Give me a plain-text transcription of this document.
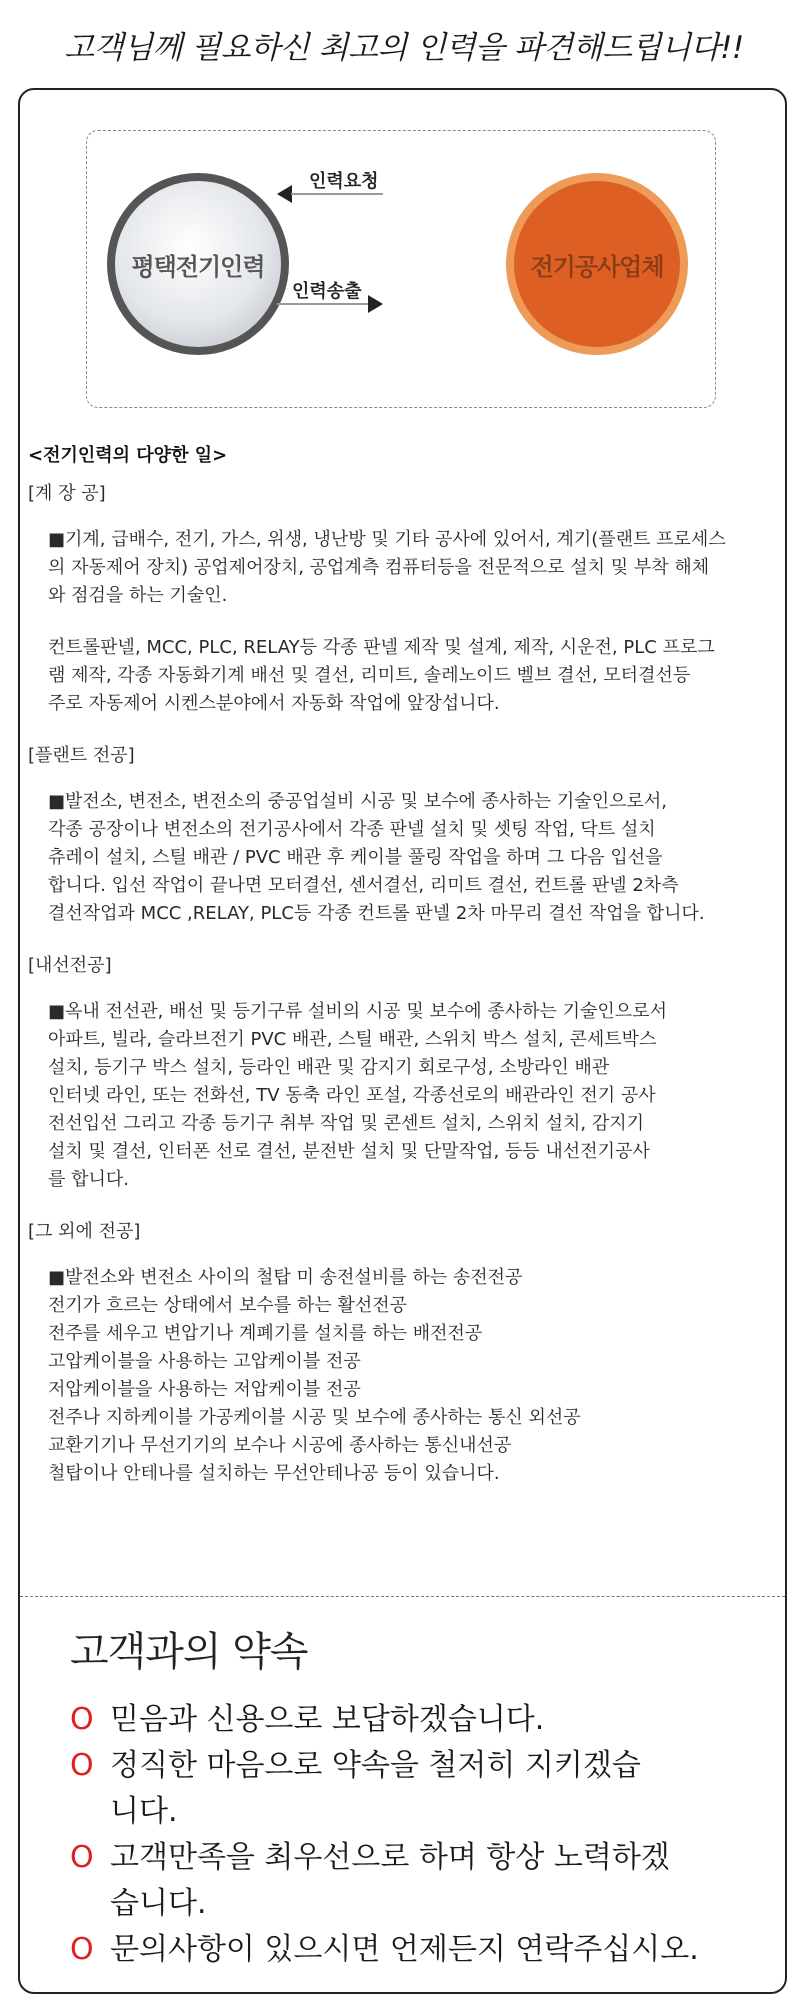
고객님께 필요하신 최고의 인력을 파견해드립니다!!
평택전기인력
인력요청
인력송출
전기공사업체
<전기인력의 다양한 일>
[계 장 공]
■기계, 급배수, 전기, 가스, 위생, 냉난방 및 기타 공사에 있어서, 계기(플랜트 프로세스
의 자동제어 장치) 공업제어장치, 공업계측 컴퓨터등을 전문적으로 설치 및 부착 해체
와 점검을 하는 기술인.
컨트롤판넬, MCC, PLC, RELAY등 각종 판넬 제작 및 설계, 제작, 시운전, PLC 프로그
램 제작, 각종 자동화기계 배선 및 결선, 리미트, 솔레노이드 벨브 결선, 모터결선등
주로 자동제어 시켄스분야에서 자동화 작업에 앞장섭니다.
[플랜트 전공]
■발전소, 변전소, 변전소의 중공업설비 시공 및 보수에 종사하는 기술인으로서,
각종 공장이나 변전소의 전기공사에서 각종 판넬 설치 및 셋팅 작업, 닥트 설치
츄레이 설치, 스틸 배관 / PVC 배관 후 케이블 풀링 작업을 하며 그 다음 입선을
합니다. 입선 작업이 끝나면 모터결선, 센서결선, 리미트 결선, 컨트롤 판넬 2차측
결선작업과 MCC ,RELAY, PLC등 각종 컨트롤 판넬 2차 마무리 결선 작업을 합니다.
[내선전공]
■옥내 전선관, 배선 및 등기구류 설비의 시공 및 보수에 종사하는 기술인으로서
아파트, 빌라, 슬라브전기 PVC 배관, 스틸 배관, 스위치 박스 설치, 콘세트박스
설치, 등기구 박스 설치, 등라인 배관 및 감지기 회로구성, 소방라인 배관
인터넷 라인, 또는 전화선, TV 동축 라인 포설, 각종선로의 배관라인 전기 공사
전선입선 그리고 각종 등기구 취부 작업 및 콘센트 설치, 스위치 설치, 감지기
설치 및 결선, 인터폰 선로 결선, 분전반 설치 및 단말작업, 등등 내선전기공사
를 합니다.
[그 외에 전공]
■발전소와 변전소 사이의 철탑 미 송전설비를 하는 송전전공
전기가 흐르는 상태에서 보수를 하는 활선전공
전주를 세우고 변압기나 계폐기를 설치를 하는 배전전공
고압케이블을 사용하는 고압케이블 전공
저압케이블을 사용하는 저압케이블 전공
전주나 지하케이블 가공케이블 시공 및 보수에 종사하는 통신 외선공
교환기기나 무선기기의 보수나 시공에 종사하는 통신내선공
철탑이나 안테나를 설치하는 무선안테나공 등이 있습니다.
고객과의 약속
O 믿음과 신용으로 보답하겠습니다.
O 정직한 마음으로 약속을 철저히 지키겠습
니다.
O 고객만족을 최우선으로 하며 항상 노력하겠
습니다.
O 문의사항이 있으시면 언제든지 연락주십시오.
